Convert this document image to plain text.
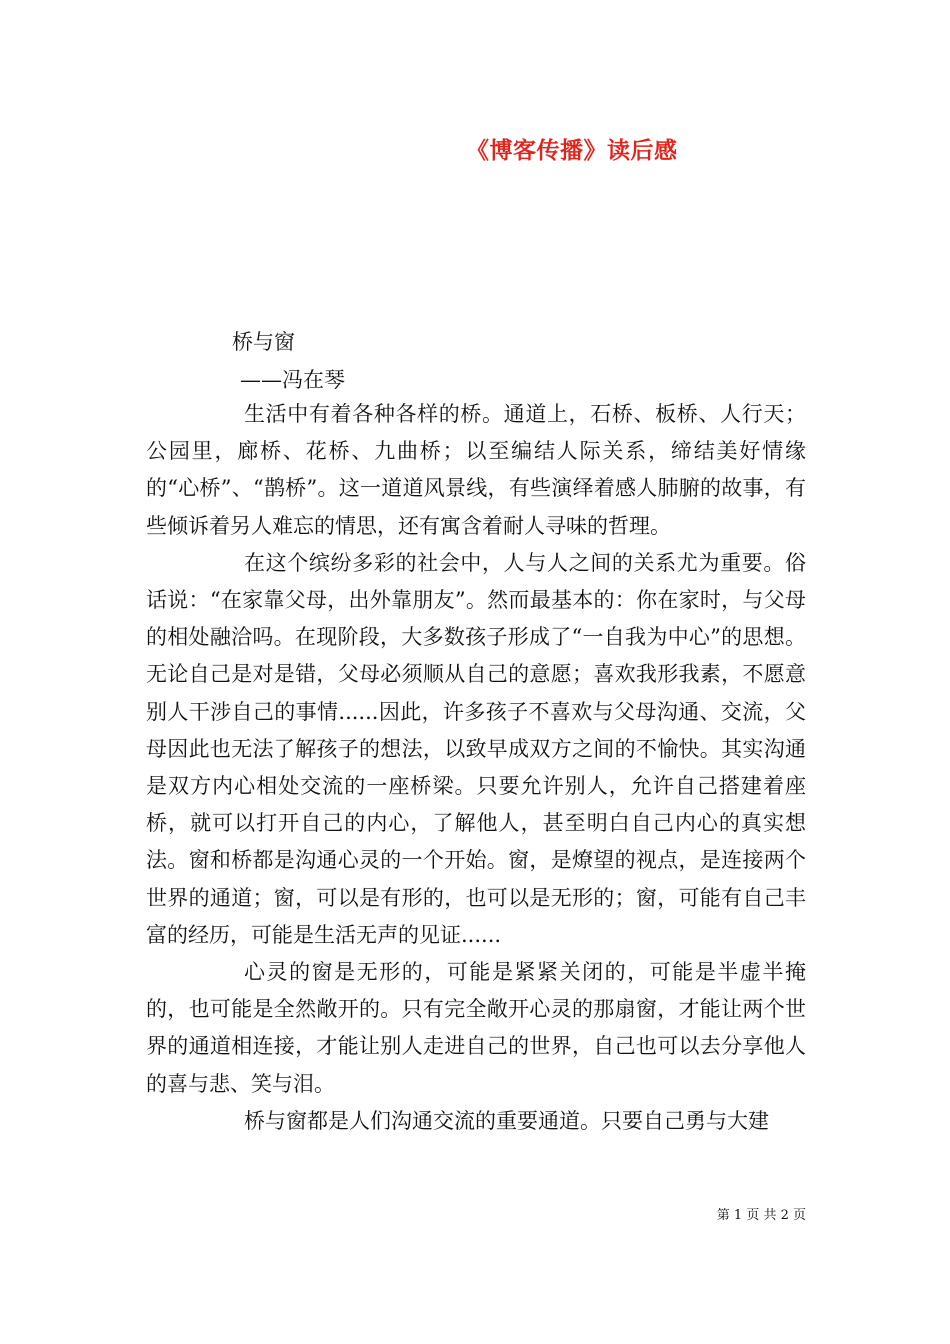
《博客传播》读后感
桥与窗
——冯在琴

生活中有着各种各样的桥。通道上，石桥、板桥、人行天；公园里，廊桥、花桥、九曲桥；以至编结人际关系，缔结美好情缘的“心桥”、“鹊桥”。这一道道风景线，有些演绎着感人肺腑的故事，有些倾诉着另人难忘的情思，还有寓含着耐人寻味的哲理。

在这个缤纷多彩的社会中，人与人之间的关系尤为重要。俗话说：“在家靠父母，出外靠朋友”。然而最基本的：你在家时，与父母的相处融洽吗。在现阶段，大多数孩子形成了“一自我为中心”的思想。无论自己是对是错，父母必须顺从自己的意愿；喜欢我形我素，不愿意别人干涉自己的事情......因此，许多孩子不喜欢与父母沟通、交流，父母因此也无法了解孩子的想法，以致早成双方之间的不愉快。其实沟通是双方内心相处交流的一座桥梁。只要允许别人，允许自己搭建着座桥，就可以打开自己的内心，了解他人，甚至明白自己内心的真实想法。窗和桥都是沟通心灵的一个开始。窗，是燎望的视点，是连接两个世界的通道；窗，可以是有形的，也可以是无形的；窗，可能有自己丰富的经历，可能是生活无声的见证......

心灵的窗是无形的，可能是紧紧关闭的，可能是半虚半掩的，也可能是全然敞开的。只有完全敞开心灵的那扇窗，才能让两个世界的通道相连接，才能让别人走进自己的世界，自己也可以去分享他人的喜与悲、笑与泪。

桥与窗都是人们沟通交流的重要通道。只要自己勇与大建

第 1 页 共 2 页
